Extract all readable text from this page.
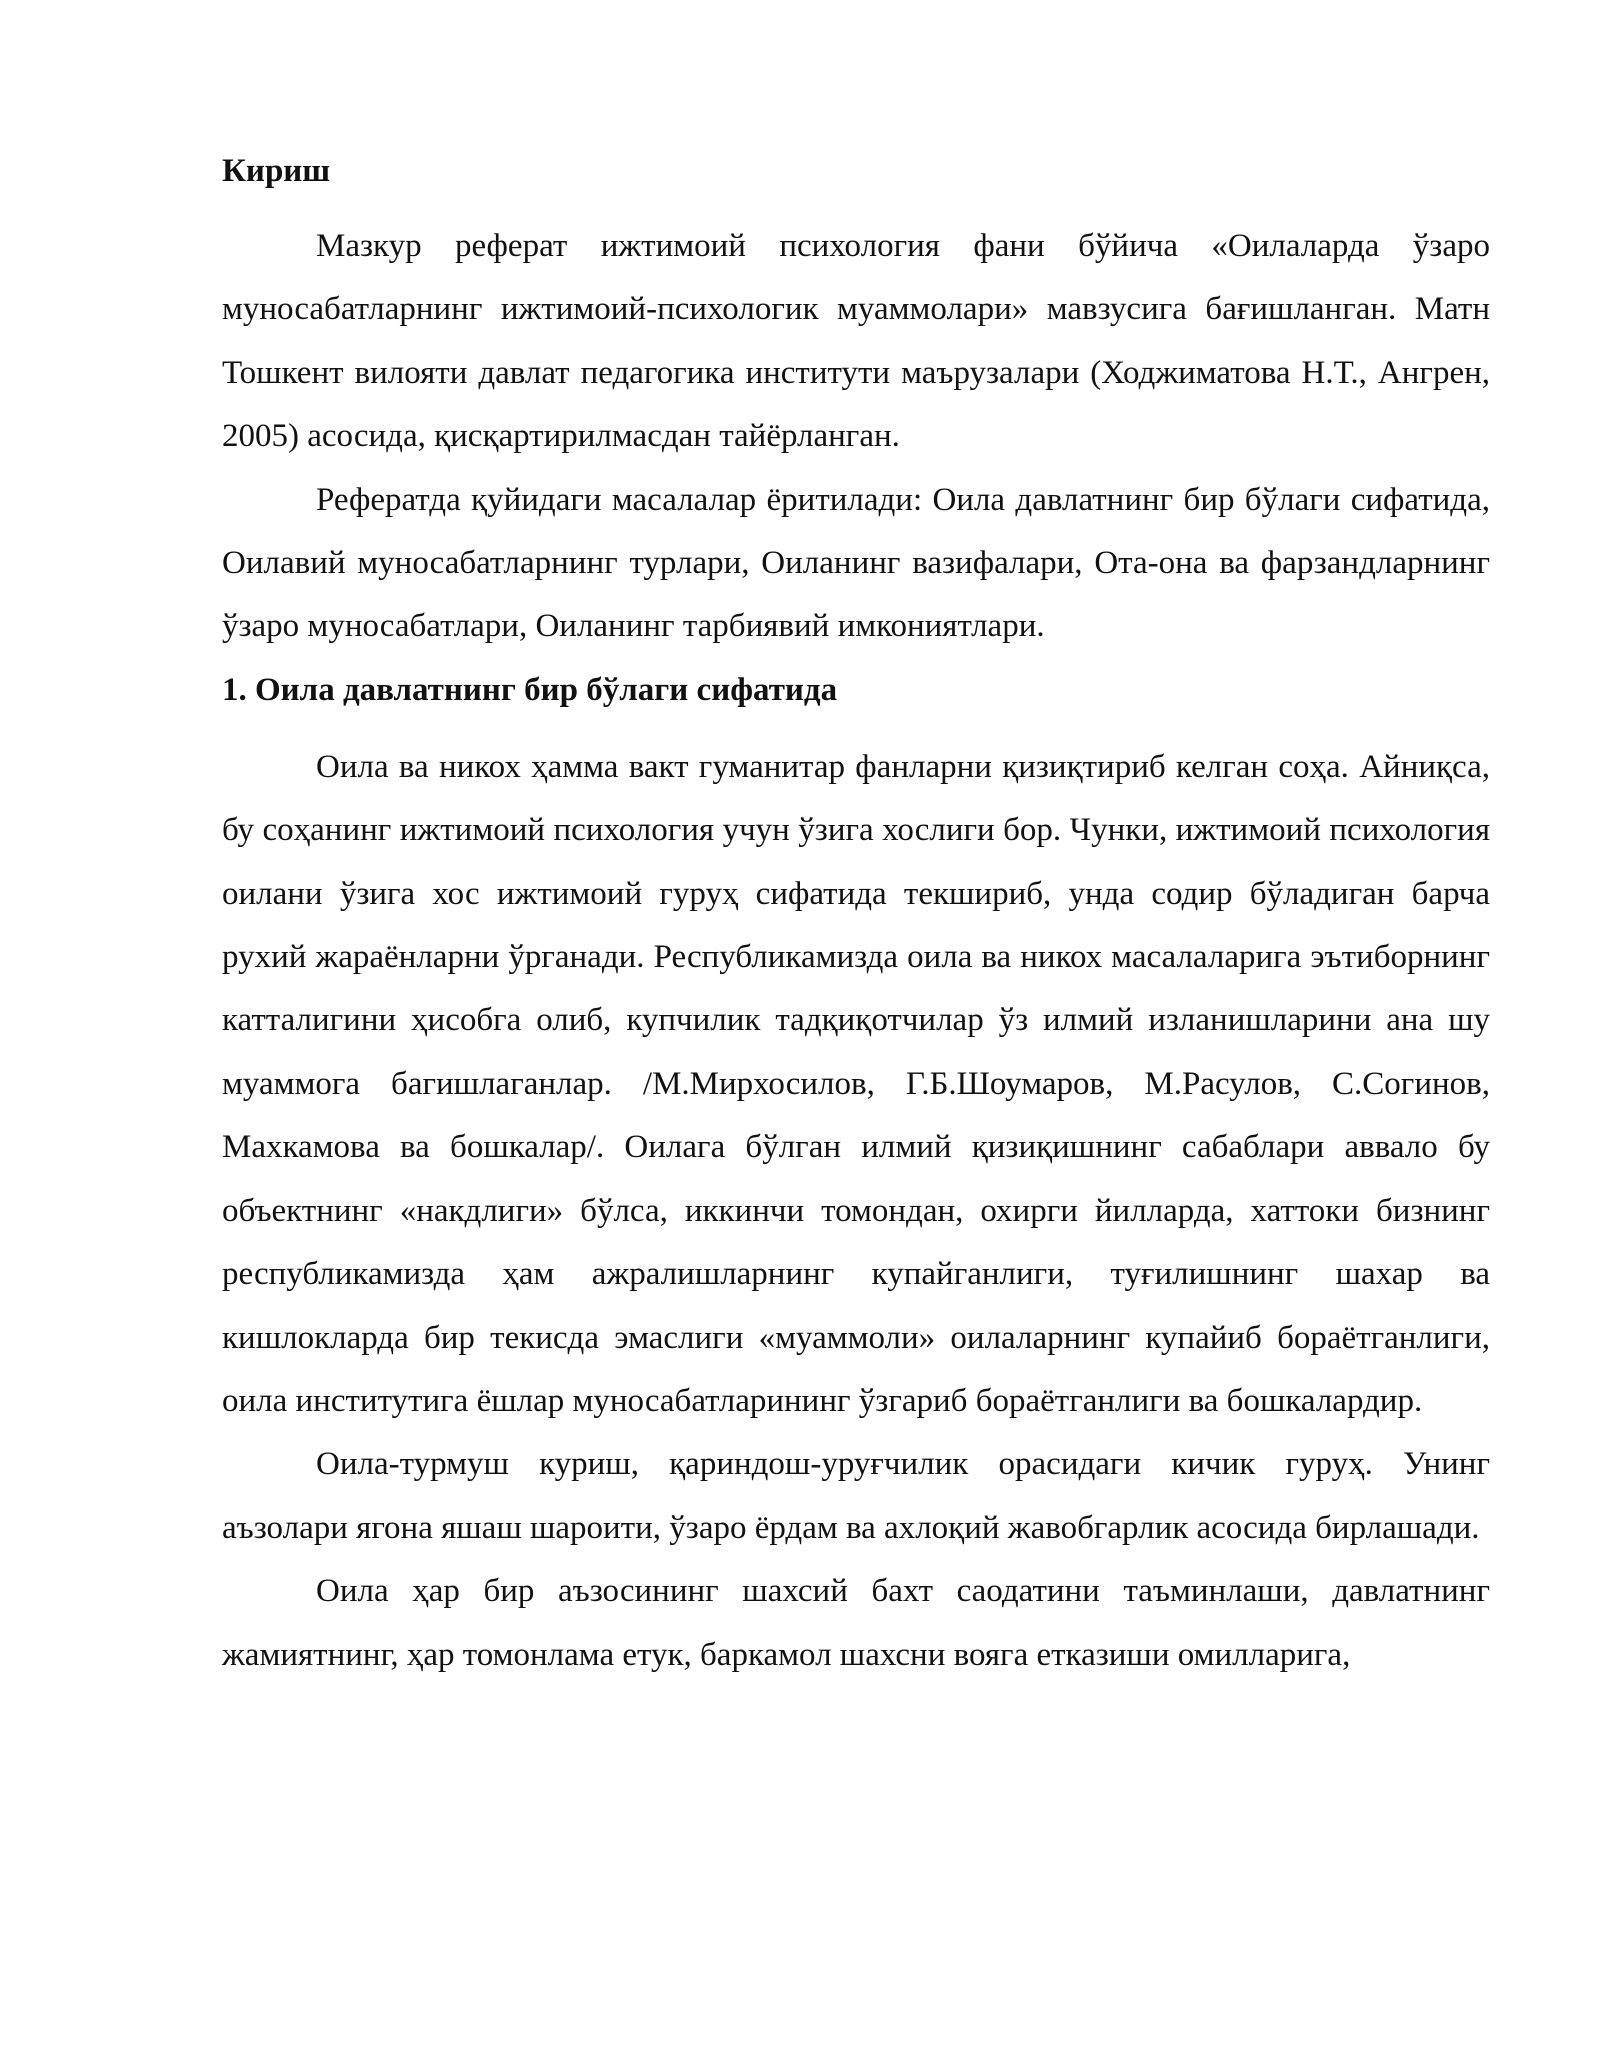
Кириш

Мазкур реферат ижтимоий психология фани бўйича «Оилаларда ўзаро муносабатларнинг ижтимоий-психологик муаммолари» мавзусига бағишланган. Матн Тошкент вилояти давлат педагогика институти маърузалари (Ходжиматова Н.Т., Ангрен, 2005) асосида, қисқартирилмасдан тайёрланган.

Рефератда қуйидаги масалалар ёритилади: Оила давлатнинг бир бўлаги сифатида, Оилавий муносабатларнинг турлари, Оиланинг вазифалари, Ота-она ва фарзандларнинг ўзаро муносабатлари, Оиланинг тарбиявий имкониятлари.

1. Оила давлатнинг бир бўлаги сифатида

Оила ва никох ҳамма вакт гуманитар фанларни қизиқтириб келган соҳа. Айниқса, бу соҳанинг ижтимоий психология учун ўзига хослиги бор. Чунки, ижтимоий психология оилани ўзига хос ижтимоий гуруҳ сифатида текшириб, унда содир бўладиган барча рухий жараёнларни ўрганади. Республикамизда оила ва никох масалаларига эътиборнинг катталигини ҳисобга олиб, купчилик тадқиқотчилар ўз илмий изланишларини ана шу муаммога багишлаганлар. /М.Мирхосилов, Г.Б.Шоумаров, М.Расулов, С.Согинов, Махкамова ва бошкалар/. Оилага бўлган илмий қизиқишнинг сабаблари аввало бу объектнинг «накдлиги» бўлса, иккинчи томондан, охирги йилларда, хаттоки бизнинг республикамизда ҳам ажралишларнинг купайганлиги, туғилишнинг шахар ва кишлокларда бир текисда эмаслиги «муаммоли» оилаларнинг купайиб бораётганлиги, оила институтига ёшлар муносабатларининг ўзгариб бораётганлиги ва бошкалардир.

Оила-турмуш куриш, қариндош-уруғчилик орасидаги кичик гуруҳ. Унинг аъзолари ягона яшаш шароити, ўзаро ёрдам ва ахлоқий жавобгарлик асосида бирлашади.

Оила ҳар бир аъзосининг шахсий бахт саодатини таъминлаши, давлатнинг жамиятнинг, ҳар томонлама етук, баркамол шахсни вояга етказиши омилларига,
